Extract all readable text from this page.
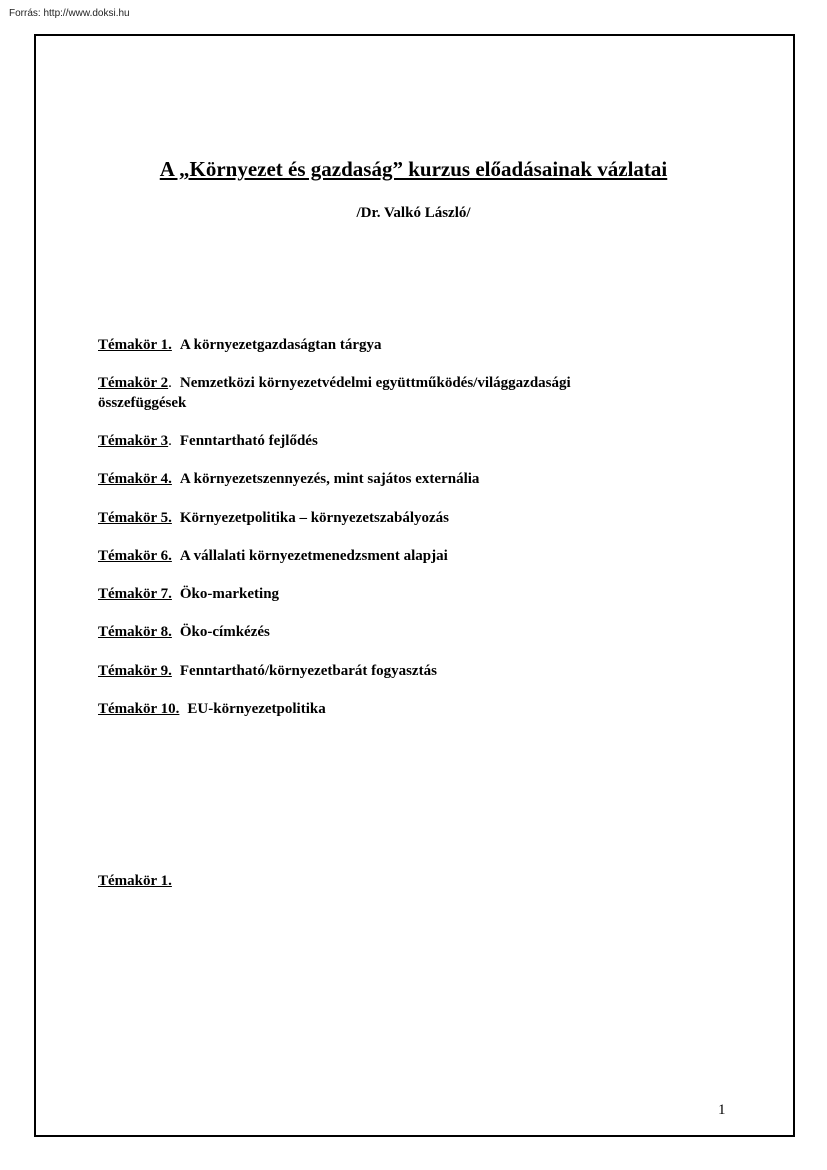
Forrás: http://www.doksi.hu
A „Környezet és gazdaság” kurzus előadásainak vázlatai
/Dr. Valkó László/
Témakör 1. A környezetgazdaságtan tárgya
Témakör 2. Nemzetközi környezetvédelmi együttműködés/világgazdasági összefüggések
Témakör 3. Fenntartható fejlődés
Témakör 4. A környezetszennyezés, mint sajátos externália
Témakör 5. Környezetpolitika – környezetszabályozás
Témakör 6. A vállalati környezetmenedzsment alapjai
Témakör 7. Öko-marketing
Témakör 8. Öko-címkézés
Témakör 9. Fenntartható/környezetbarát fogyasztás
Témakör 10. EU-környezetpolitika
Témakör 1.
1
